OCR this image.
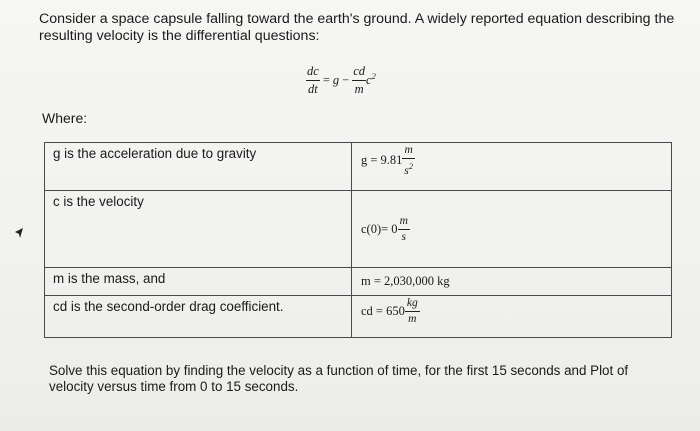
Consider a space capsule falling toward the earth's ground. A widely reported equation describing the
resulting velocity is the differential questions:
$\frac{dc}{dt} = g - \frac{cd}{m} c^2$
Where:
g is the acceleration due to gravity	$g = 9.81 \frac{m}{s^2}$

c is the velocity	$c(0)= 0 \frac{m}{s}$

m is the mass, and	m = 2,030,000 kg
cd is the second-order drag coefficient.	cd = $650 \frac{kg}{m}$
Solve this equation by finding the velocity as a function of time, for the first 15 seconds and Plot of
velocity versus time from 0 to 15 seconds.
